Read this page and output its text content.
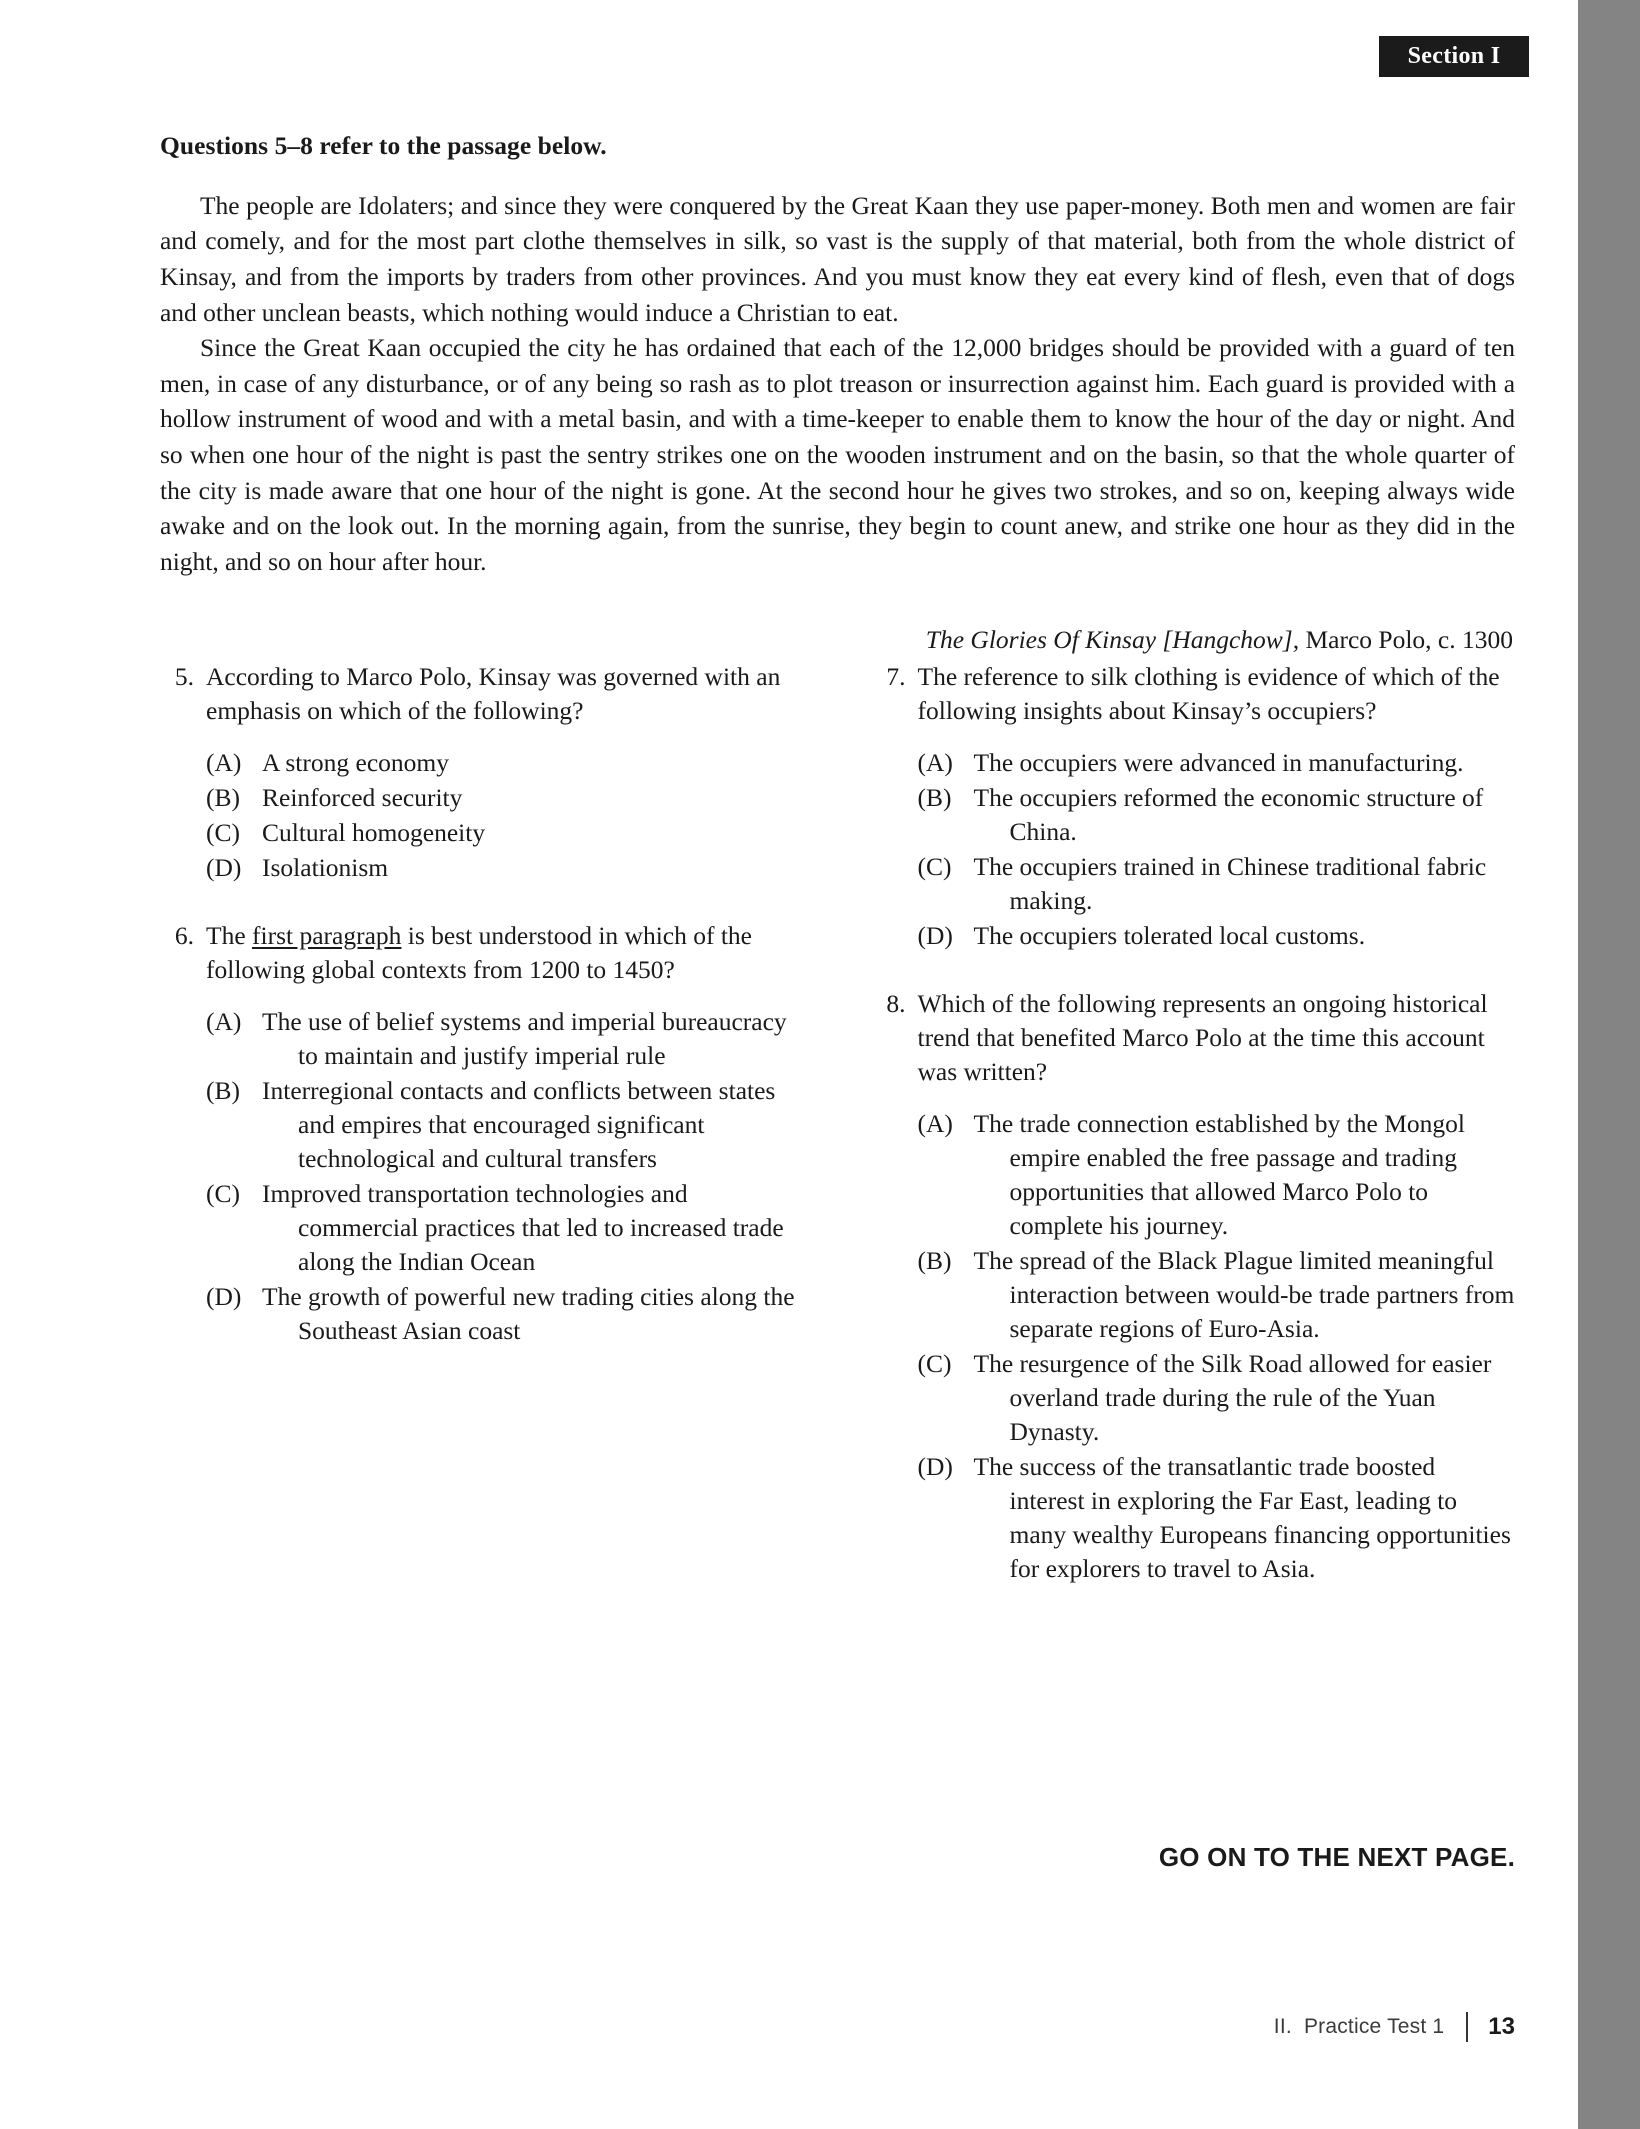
Section I
Questions 5–8 refer to the passage below.

The people are Idolaters; and since they were conquered by the Great Kaan they use paper-money. Both men and women are fair and comely, and for the most part clothe themselves in silk, so vast is the supply of that material, both from the whole district of Kinsay, and from the imports by traders from other provinces. And you must know they eat every kind of flesh, even that of dogs and other unclean beasts, which nothing would induce a Christian to eat.

Since the Great Kaan occupied the city he has ordained that each of the 12,000 bridges should be provided with a guard of ten men, in case of any disturbance, or of any being so rash as to plot treason or insurrection against him. Each guard is provided with a hollow instrument of wood and with a metal basin, and with a time-keeper to enable them to know the hour of the day or night. And so when one hour of the night is past the sentry strikes one on the wooden instrument and on the basin, so that the whole quarter of the city is made aware that one hour of the night is gone. At the second hour he gives two strokes, and so on, keeping always wide awake and on the look out. In the morning again, from the sunrise, they begin to count anew, and strike one hour as they did in the night, and so on hour after hour.

The Glories Of Kinsay [Hangchow], Marco Polo, c. 1300
5. According to Marco Polo, Kinsay was governed with an emphasis on which of the following?
(A) A strong economy
(B) Reinforced security
(C) Cultural homogeneity
(D) Isolationism
6. The first paragraph is best understood in which of the following global contexts from 1200 to 1450?
(A) The use of belief systems and imperial bureaucracy to maintain and justify imperial rule
(B) Interregional contacts and conflicts between states and empires that encouraged significant technological and cultural transfers
(C) Improved transportation technologies and commercial practices that led to increased trade along the Indian Ocean
(D) The growth of powerful new trading cities along the Southeast Asian coast
7. The reference to silk clothing is evidence of which of the following insights about Kinsay’s occupiers?
(A) The occupiers were advanced in manufacturing.
(B) The occupiers reformed the economic structure of China.
(C) The occupiers trained in Chinese traditional fabric making.
(D) The occupiers tolerated local customs.
8. Which of the following represents an ongoing historical trend that benefited Marco Polo at the time this account was written?
(A) The trade connection established by the Mongol empire enabled the free passage and trading opportunities that allowed Marco Polo to complete his journey.
(B) The spread of the Black Plague limited meaningful interaction between would-be trade partners from separate regions of Euro-Asia.
(C) The resurgence of the Silk Road allowed for easier overland trade during the rule of the Yuan Dynasty.
(D) The success of the transatlantic trade boosted interest in exploring the Far East, leading to many wealthy Europeans financing opportunities for explorers to travel to Asia.
GO ON TO THE NEXT PAGE.
II.  Practice Test 1 13
